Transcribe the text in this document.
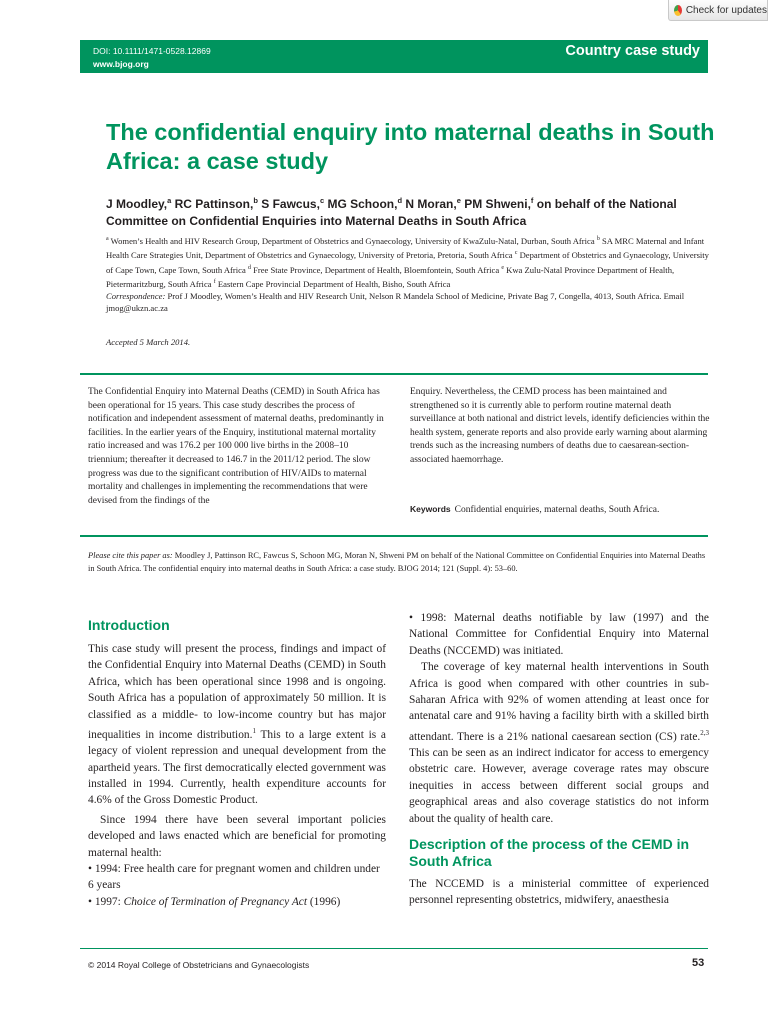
Check for updates
DOI: 10.1111/1471-0528.12869
www.bjog.org
Country case study
The confidential enquiry into maternal deaths in South Africa: a case study
J Moodley,$^a$ RC Pattinson,$^b$ S Fawcus,$^c$ MG Schoon,$^d$ N Moran,$^e$ PM Shweni,$^f$ on behalf of the National Committee on Confidential Enquiries into Maternal Deaths in South Africa
$^a$ Women’s Health and HIV Research Group, Department of Obstetrics and Gynaecology, University of KwaZulu-Natal, Durban, South Africa $^b$ SA MRC Maternal and Infant Health Care Strategies Unit, Department of Obstetrics and Gynaecology, University of Pretoria, Pretoria, South Africa $^c$ Department of Obstetrics and Gynaecology, University of Cape Town, Cape Town, South Africa $^d$ Free State Province, Department of Health, Bloemfontein, South Africa $^e$ Kwa Zulu-Natal Province Department of Health, Pietermaritzburg, South Africa $^f$ Eastern Cape Provincial Department of Health, Bisho, South Africa
Correspondence: Prof J Moodley, Women’s Health and HIV Research Unit, Nelson R Mandela School of Medicine, Private Bag 7, Congella, 4013, South Africa. Email jmog@ukzn.ac.za
Accepted 5 March 2014.
The Confidential Enquiry into Maternal Deaths (CEMD) in South Africa has been operational for 15 years. This case study describes the process of notification and independent assessment of maternal deaths, predominantly in facilities. In the earlier years of the Enquiry, institutional maternal mortality ratio increased and was 176.2 per 100 000 live births in the 2008–10 triennium; thereafter it decreased to 146.7 in the 2011/12 period. The slow progress was due to the significant contribution of HIV/AIDs to maternal mortality and challenges in implementing the recommendations that were devised from the findings of the
Enquiry. Nevertheless, the CEMD process has been maintained and strengthened so it is currently able to perform routine maternal death surveillance at both national and district levels, identify deficiencies within the health system, generate reports and also provide early warning about alarming trends such as the increasing numbers of deaths due to caesarean-section-associated haemorrhage.
Keywords Confidential enquiries, maternal deaths, South Africa.
Please cite this paper as: Moodley J, Pattinson RC, Fawcus S, Schoon MG, Moran N, Shweni PM on behalf of the National Committee on Confidential Enquiries into Maternal Deaths in South Africa. The confidential enquiry into maternal deaths in South Africa: a case study. BJOG 2014; 121 (Suppl. 4): 53–60.
Introduction

This case study will present the process, findings and impact of the Confidential Enquiry into Maternal Deaths (CEMD) in South Africa, which has been operational since 1998 and is ongoing. South Africa has a population of approximately 50 million. It is classified as a middle- to low-income country but has major inequalities in income distribution.$^1$ This to a large extent is a legacy of violent repression and unequal development from the apartheid years. The first democratically elected government was installed in 1994. Currently, health expenditure accounts for 4.6% of the Gross Domestic Product.

Since 1994 there have been several important policies developed and laws enacted which are beneficial for promoting maternal health:

• 1994: Free health care for pregnant women and children under 6 years

• 1997: Choice of Termination of Pregnancy Act (1996)

• 1998: Maternal deaths notifiable by law (1997) and the National Committee for Confidential Enquiry into Maternal Deaths (NCCEMD) was initiated.

The coverage of key maternal health interventions in South Africa is good when compared with other countries in sub-Saharan Africa with 92% of women attending at least once for antenatal care and 91% having a facility birth with a skilled birth attendant. There is a 21% national caesarean section (CS) rate.$^{2,3}$ This can be seen as an indirect indicator for access to emergency obstetric care. However, average coverage rates may obscure inequities in access between different social groups and geographical areas and also coverage statistics do not inform about the quality of health care.

Description of the process of the CEMD in South Africa
The NCCEMD is a ministerial committee of experienced personnel representing obstetrics, midwifery, anaesthesia
© 2014 Royal College of Obstetricians and Gynaecologists	53
